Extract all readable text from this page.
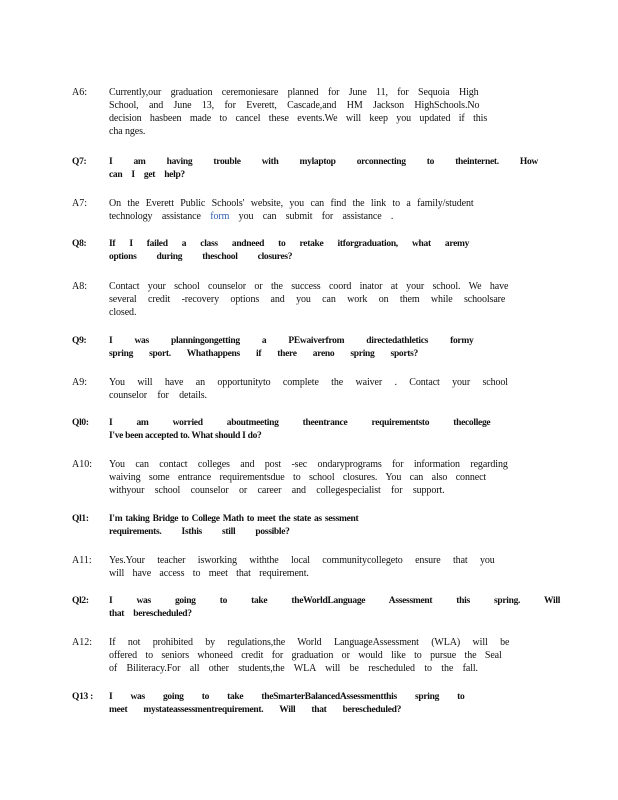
A6:	Currently,our graduation ceremoniesare planned for June 11, for Sequoia High
School, and June 13, for Everett, Cascade,and HM Jackson HighSchools.No
decision hasbeen made to cancel these events.We will keep you updated if this
cha nges.
Q7:	I am having trouble with mylaptop orconnecting to theinternet. How
can I get help?
A7:	On the Everett Public Schools' website, you can find the link to a family/student
technology assistance form you can submit for assistance .
Q8:	If I failed a class andneed to retake itforgraduation, what aremy
options during theschool closures?
A8:	Contact your school counselor or the success coord inator at your school. We have
several credit -recovery options and you can work on them while schoolsare
closed.
Q9:	I was planningongetting a PEwaiverfrom directedathletics formy
spring sport. Whathappens if there areno spring sports?
A9:	You will have an opportunityto complete the waiver . Contact your school
counselor for details.
Ql0:	I am worried aboutmeeting theentrance requirementsto thecollege
I've been accepted to. What should I do?
A10:	You can contact colleges and post -sec ondaryprograms for information regarding
waiving some entrance requirementsdue to school closures. You can also connect
withyour school counselor or career and collegespecialist for support.
Ql1:	I'm taking Bridge to College Math to meet the state as sessment
requirements. Isthis still possible?
A11:	Yes.Your teacher isworking withthe local communitycollegeto ensure that you
will have access to meet that requirement.
Ql2:	I was going to take theWorldLanguage Assessment this spring. Will
that berescheduled?
A12:	If not prohibited by regulations,the World LanguageAssessment (WLA) will be
offered to seniors whoneed credit for graduation or would like to pursue the Seal
of Biliteracy.For all other students,the WLA will be rescheduled to the fall.
Q13 :	I was going to take theSmarterBalancedAssessmentthis spring to
meet mystateassessmentrequirement. Will that berescheduled?
